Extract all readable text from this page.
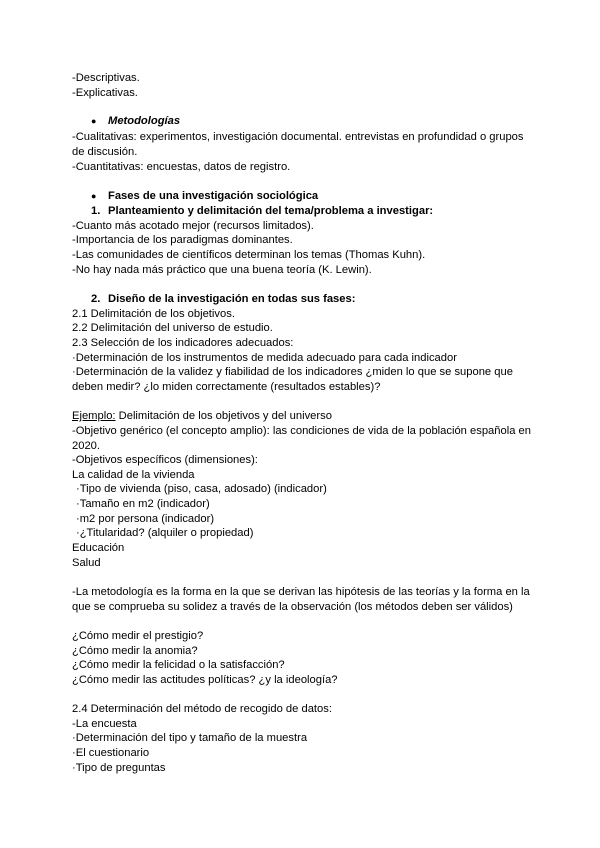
-Descriptivas.
-Explicativas.
● Metodologías
-Cualitativas: experimentos, investigación documental. entrevistas en profundidad o grupos de discusión.
-Cuantitativas: encuestas, datos de registro.
● Fases de una investigación sociológica
1. Planteamiento y delimitación del tema/problema a investigar:
-Cuanto más acotado mejor (recursos limitados).
-Importancia de los paradigmas dominantes.
-Las comunidades de científicos determinan los temas (Thomas Kuhn).
-No hay nada más práctico que una buena teoría (K. Lewin).
2. Diseño de la investigación en todas sus fases:
2.1 Delimitación de los objetivos.
2.2 Delimitación del universo de estudio.
2.3 Selección de los indicadores adecuados:
·Determinación de los instrumentos de medida adecuado para cada indicador
·Determinación de la validez y fiabilidad de los indicadores ¿miden lo que se supone que deben medir? ¿lo miden correctamente (resultados estables)?
Ejemplo: Delimitación de los objetivos y del universo
-Objetivo genérico (el concepto amplio): las condiciones de vida de la población española en 2020.
-Objetivos específicos (dimensiones):
La calidad de la vivienda
·Tipo de vivienda (piso, casa, adosado) (indicador)
·Tamaño en m2 (indicador)
·m2 por persona (indicador)
·¿Titularidad? (alquiler o propiedad)
Educación
Salud
-La metodología es la forma en la que se derivan las hipótesis de las teorías y la forma en la que se comprueba su solidez a través de la observación (los métodos deben ser válidos)
¿Cómo medir el prestigio?
¿Cómo medir la anomia?
¿Cómo medir la felicidad o la satisfacción?
¿Cómo medir las actitudes políticas? ¿y la ideología?
2.4 Determinación del método de recogido de datos:
-La encuesta
·Determinación del tipo y tamaño de la muestra
·El cuestionario
·Tipo de preguntas
